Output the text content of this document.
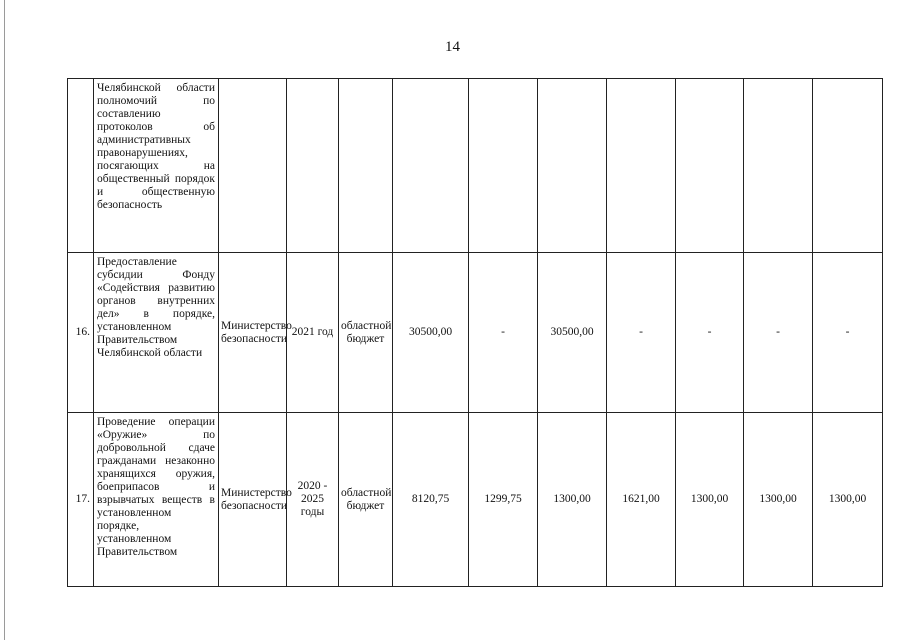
14
	Челябинской области полномочий по составлению протоколов об административных правонарушениях, посягающих на общественный порядок и общественную безопасность										
16.	Предоставление субсидии Фонду «Содействия развитию органов внутренних дел» в порядке, установленном Правительством Челябинской области	Министерство безопасности	2021 год	областной бюджет	30500,00	-	30500,00	-	-	-	-
17.	Проведение операции «Оружие» по добровольной сдаче гражданами незаконно хранящихся оружия, боеприпасов и взрывчатых веществ в установленном порядке, установленном Правительством	Министерство безопасности	2020 - 2025 годы	областной бюджет	8120,75	1299,75	1300,00	1621,00	1300,00	1300,00	1300,00
